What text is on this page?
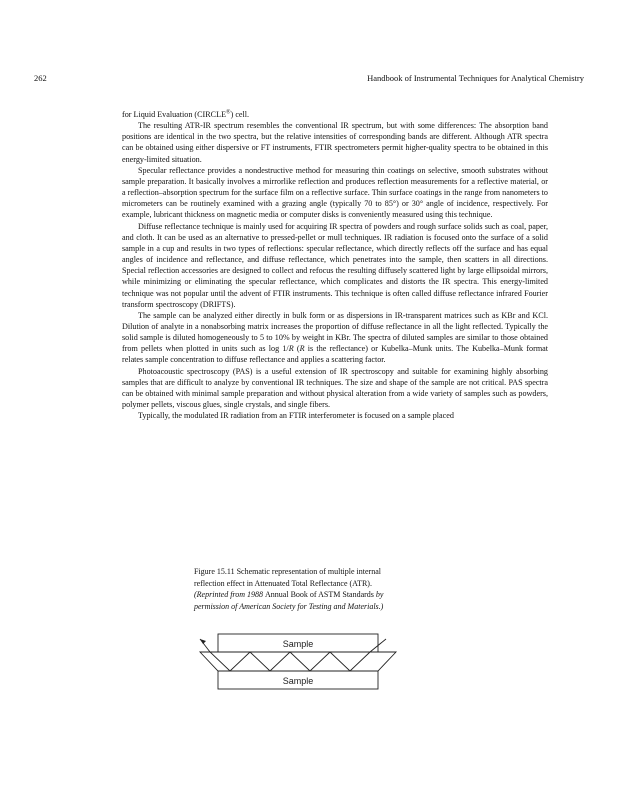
262	Handbook of Instrumental Techniques for Analytical Chemistry

for Liquid Evaluation (CIRCLE®) cell.

The resulting ATR-IR spectrum resembles the conventional IR spectrum, but with some differences: The absorption band positions are identical in the two spectra, but the relative intensities of corresponding bands are different. Although ATR spectra can be obtained using either dispersive or FT instruments, FTIR spectrometers permit higher-quality spectra to be obtained in this energy-limited situation.

Specular reflectance provides a nondestructive method for measuring thin coatings on selective, smooth substrates without sample preparation. It basically involves a mirrorlike reflection and produces reflection measurements for a reflective material, or a reflection–absorption spectrum for the surface film on a reflective surface. Thin surface coatings in the range from nanometers to micrometers can be routinely examined with a grazing angle (typically 70 to 85°) or 30° angle of incidence, respectively. For example, lubricant thickness on magnetic media or computer disks is conveniently measured using this technique.

Diffuse reflectance technique is mainly used for acquiring IR spectra of powders and rough surface solids such as coal, paper, and cloth. It can be used as an alternative to pressed-pellet or mull techniques. IR radiation is focused onto the surface of a solid sample in a cup and results in two types of reflections: specular reflectance, which directly reflects off the surface and has equal angles of incidence and reflectance, and diffuse reflectance, which penetrates into the sample, then scatters in all directions. Special reflection accessories are designed to collect and refocus the resulting diffusely scattered light by large ellipsoidal mirrors, while minimizing or eliminating the specular reflectance, which complicates and distorts the IR spectra. This energy-limited technique was not popular until the advent of FTIR instruments. This technique is often called diffuse reflectance infrared Fourier transform spectroscopy (DRIFTS).

The sample can be analyzed either directly in bulk form or as dispersions in IR-transparent matrices such as KBr and KCl. Dilution of analyte in a nonabsorbing matrix increases the proportion of diffuse reflectance in all the light reflected. Typically the solid sample is diluted homogeneously to 5 to 10% by weight in KBr. The spectra of diluted samples are similar to those obtained from pellets when plotted in units such as log 1/R (R is the reflectance) or Kubelka–Munk units. The Kubelka–Munk format relates sample concentration to diffuse reflectance and applies a scattering factor.

Photoacoustic spectroscopy (PAS) is a useful extension of IR spectroscopy and suitable for examining highly absorbing samples that are difficult to analyze by conventional IR techniques. The size and shape of the sample are not critical. PAS spectra can be obtained with minimal sample preparation and without physical alteration from a wide variety of samples such as powders, polymer pellets, viscous glues, single crystals, and single fibers.

Typically, the modulated IR radiation from an FTIR interferometer is focused on a sample placed

Figure 15.11 Schematic representation of multiple internal reflection effect in Attenuated Total Reflectance (ATR). (Reprinted from 1988 Annual Book of ASTM Standards by permission of American Society for Testing and Materials.)
Sample
Sample
